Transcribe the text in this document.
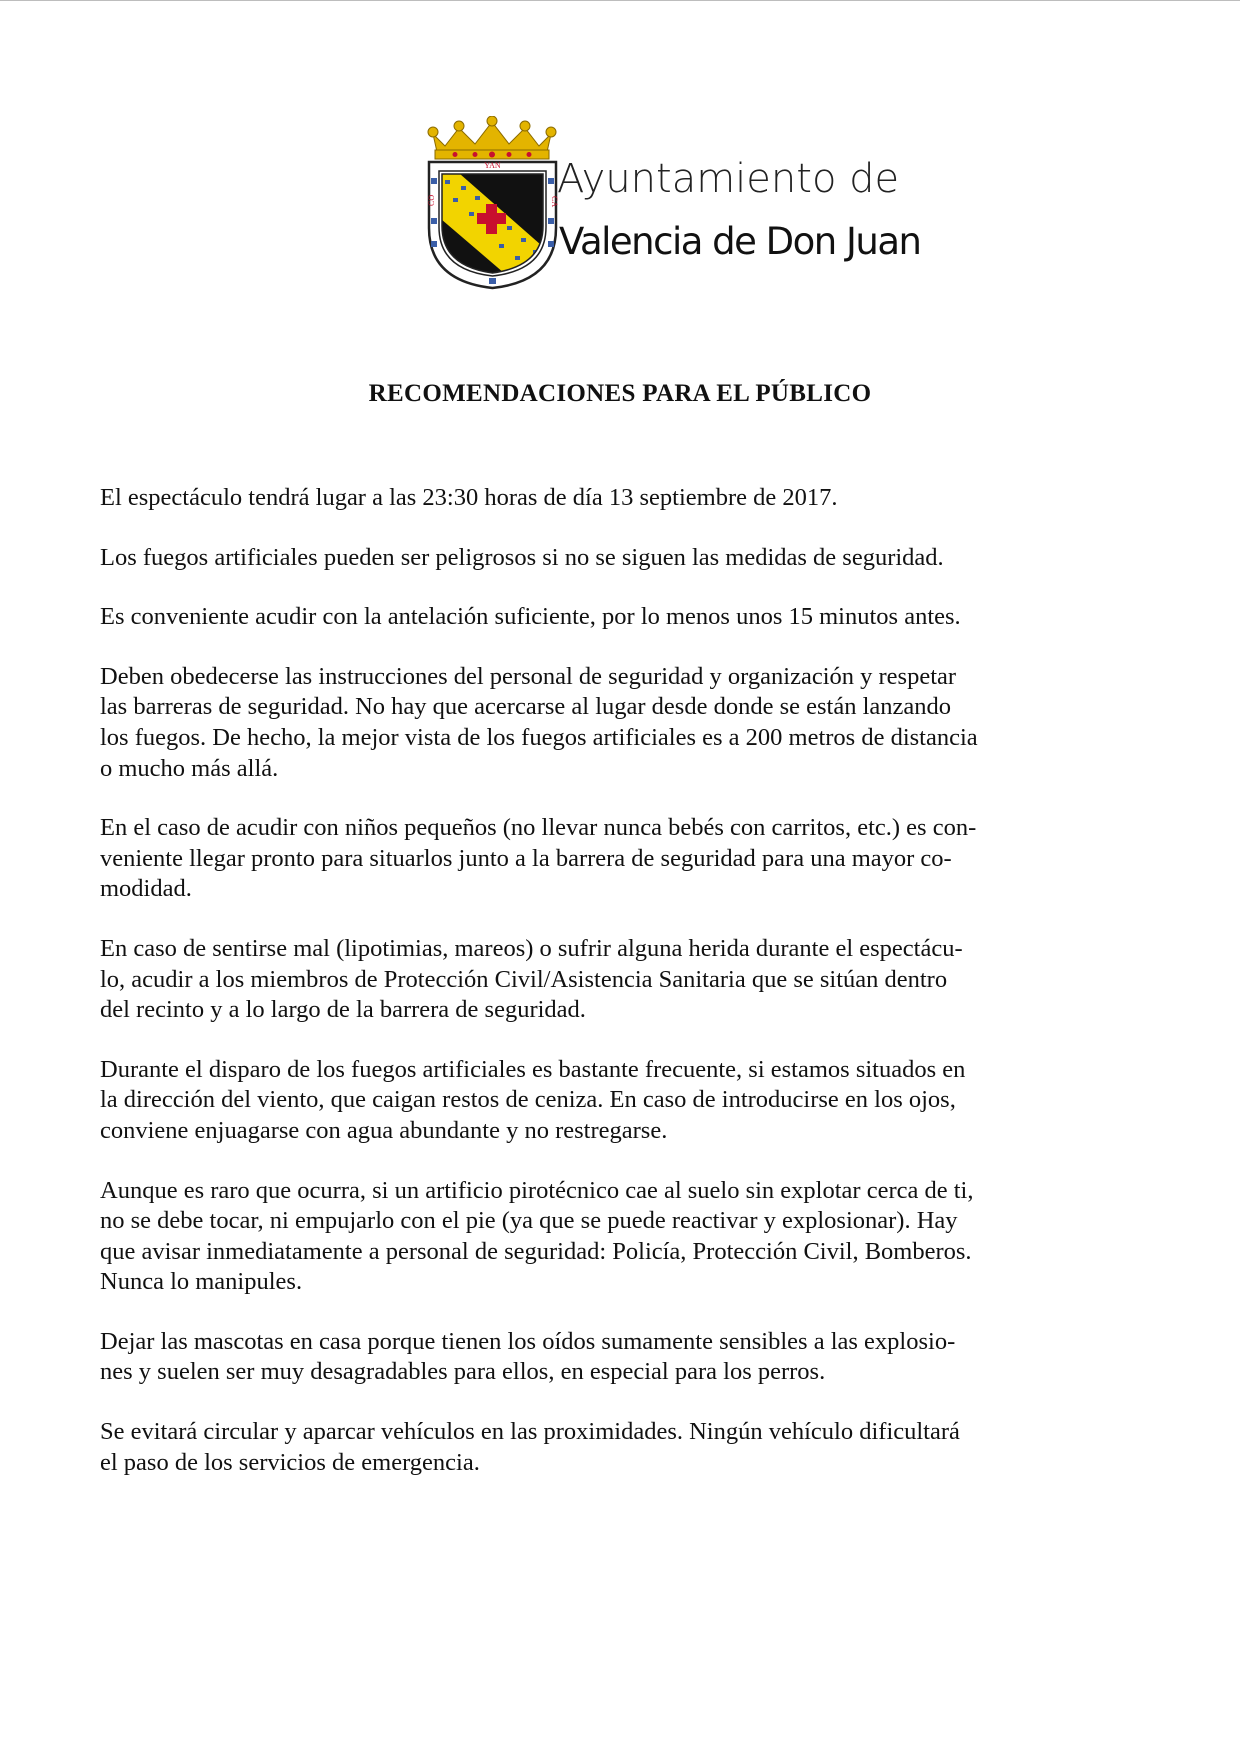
YAN
CO	CA
Ayuntamiento de
Valencia de Don Juan
RECOMENDACIONES PARA EL PÚBLICO

El espectáculo tendrá lugar a las 23:30 horas de día 13 septiembre de 2017.

Los fuegos artificiales pueden ser peligrosos si no se siguen las medidas de seguridad.

Es conveniente acudir con la antelación suficiente, por lo menos unos 15 minutos antes.

Deben obedecerse las instrucciones del personal de seguridad y organización y respetar
las barreras de seguridad. No hay que acercarse al lugar desde donde se están lanzando
los fuegos. De hecho, la mejor vista de los fuegos artificiales es a 200 metros de distancia
o mucho más allá.

En el caso de acudir con niños pequeños (no llevar nunca bebés con carritos, etc.) es con-
veniente llegar pronto para situarlos junto a la barrera de seguridad para una mayor co-
modidad.

En caso de sentirse mal (lipotimias, mareos) o sufrir alguna herida durante el espectácu-
lo, acudir a los miembros de Protección Civil/Asistencia Sanitaria que se sitúan dentro
del recinto y a lo largo de la barrera de seguridad.

Durante el disparo de los fuegos artificiales es bastante frecuente, si estamos situados en
la dirección del viento, que caigan restos de ceniza. En caso de introducirse en los ojos,
conviene enjuagarse con agua abundante y no restregarse.

Aunque es raro que ocurra, si un artificio pirotécnico cae al suelo sin explotar cerca de ti,
no se debe tocar, ni empujarlo con el pie (ya que se puede reactivar y explosionar). Hay
que avisar inmediatamente a personal de seguridad: Policía, Protección Civil, Bomberos.
Nunca lo manipules.

Dejar las mascotas en casa porque tienen los oídos sumamente sensibles a las explosio-
nes y suelen ser muy desagradables para ellos, en especial para los perros.

Se evitará circular y aparcar vehículos en las proximidades. Ningún vehículo dificultará
el paso de los servicios de emergencia.
